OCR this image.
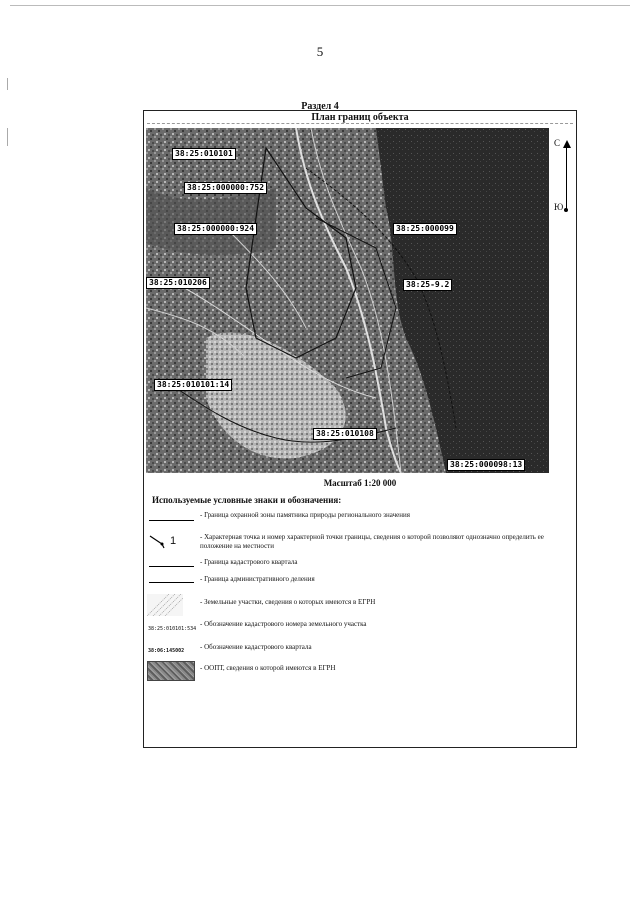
5
Раздел 4
План границ объекта
38:25:010101
38:25:000000:752
38:25:000000:924	38:25:000099
38:25:010206	38:25-9.2
38:25:010101:14
38:25:010108
38:25:000098:13
С
Ю
Масштаб 1:20 000
Используемые условные знаки и обозначения:
- Граница охранной зоны памятника природы регионального значения
1	- Характерная точка и номер характерной точки границы, сведения о которой позволяют однозначно определить ее положение на местности
- Граница кадастрового квартала
- Граница административного деления
- Земельные участки, сведения о которых имеются в ЕГРН
38:25:010101:534
- Обозначение кадастрового номера земельного участка
38:06:145002 - Обозначение кадастрового квартала
- ООПТ, сведения о которой имеются в ЕГРН
